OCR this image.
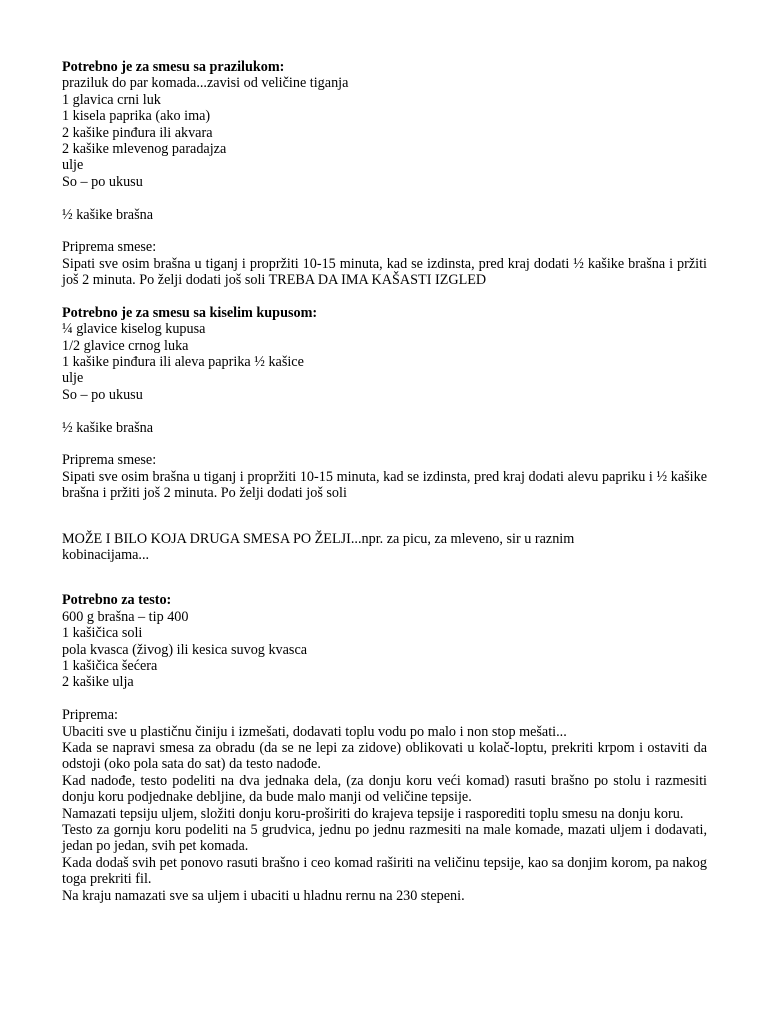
Potrebno je za smesu sa prazilukom:
praziluk do par komada...zavisi od veličine tiganja
1 glavica crni luk
1 kisela paprika (ako ima)
2 kašike pinđura ili akvara
2 kašike mlevenog paradajza
ulje
So – po ukusu
½ kašike brašna
Priprema smese:
Sipati sve osim brašna u tiganj i propržiti 10-15 minuta, kad se izdinsta, pred kraj dodati ½ kašike brašna i pržiti još 2 minuta. Po želji dodati još soli TREBA DA IMA KAŠASTI IZGLED
Potrebno je za smesu sa kiselim kupusom:
¼ glavice kiselog kupusa
1/2 glavice crnog luka
1 kašike pinđura ili aleva paprika ½ kašice
ulje
So – po ukusu
½ kašike brašna
Priprema smese:
Sipati sve osim brašna u tiganj i propržiti 10-15 minuta, kad se izdinsta, pred kraj dodati alevu papriku i ½ kašike brašna i pržiti još 2 minuta. Po želji dodati još soli
MOŽE I BILO KOJA DRUGA SMESA PO ŽELJI...npr. za picu, za mleveno, sir u raznim kobinacijama...
Potrebno za testo:
600 g brašna – tip 400
1 kašičica soli
pola kvasca (živog) ili kesica suvog kvasca
1 kašičica šećera
2 kašike ulja
Priprema:
Ubaciti sve u plastičnu činiju i izmešati, dodavati toplu vodu po malo i non stop mešati...
Kada se napravi smesa za obradu (da se ne lepi za zidove) oblikovati u kolač-loptu, prekriti krpom i ostaviti da odstoji (oko pola sata do sat) da testo nadođe.
Kad nadođe, testo podeliti na dva jednaka dela, (za donju koru veći komad) rasuti brašno po stolu i razmesiti donju koru podjednake debljine, da bude malo manji od veličine tepsije.
Namazati tepsiju uljem, složiti donju koru-proširiti do krajeva tepsije i rasporediti toplu smesu na donju koru.
Testo za gornju koru podeliti na 5 grudvica, jednu po jednu razmesiti na male komade, mazati uljem i dodavati, jedan po jedan, svih pet komada.
Kada dodaš svih pet ponovo rasuti brašno i ceo komad raširiti na veličinu tepsije, kao sa donjim korom, pa nakog toga prekriti fil.
Na kraju namazati sve sa uljem i ubaciti u hladnu rernu na 230 stepeni.
